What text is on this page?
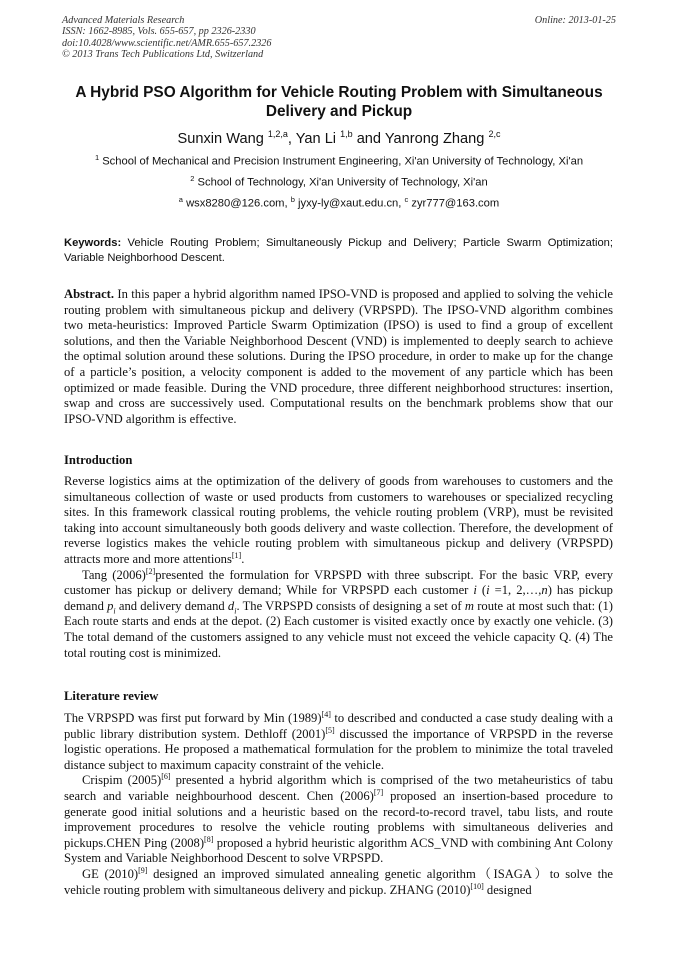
Advanced Materials Research
ISSN: 1662-8985, Vols. 655-657, pp 2326-2330
doi:10.4028/www.scientific.net/AMR.655-657.2326
© 2013 Trans Tech Publications Ltd, Switzerland
Online: 2013-01-25
A Hybrid PSO Algorithm for Vehicle Routing Problem with Simultaneous
Delivery and Pickup
Sunxin Wang $^{1,2,a}$, Yan Li $^{1,b}$ and Yanrong Zhang $^{2,c}$
$^1$ School of Mechanical and Precision Instrument Engineering, Xi'an University of Technology, Xi'an
$^2$ School of Technology, Xi'an University of Technology, Xi'an
$^a$ wsx8280@126.com, $^b$ jyxy-ly@xaut.edu.cn, $^c$ zyr777@163.com
Keywords: Vehicle Routing Problem; Simultaneously Pickup and Delivery; Particle Swarm Optimization; Variable Neighborhood Descent.

Abstract. In this paper a hybrid algorithm named IPSO-VND is proposed and applied to solving the vehicle routing problem with simultaneous pickup and delivery (VRPSPD). The IPSO-VND algorithm combines two meta-heuristics: Improved Particle Swarm Optimization (IPSO) is used to find a group of excellent solutions, and then the Variable Neighborhood Descent (VND) is implemented to deeply search to achieve the optimal solution around these solutions. During the IPSO procedure, in order to make up for the change of a particle’s position, a velocity component is added to the movement of any particle which has been optimized or made feasible. During the VND procedure, three different neighborhood structures: insertion, swap and cross are successively used. Computational results on the benchmark problems show that our IPSO-VND algorithm is effective.

Introduction

Reverse logistics aims at the optimization of the delivery of goods from warehouses to customers and the simultaneous collection of waste or used products from customers to warehouses or specialized recycling sites. In this framework classical routing problems, the vehicle routing problem (VRP), must be revisited taking into account simultaneously both goods delivery and waste collection. Therefore, the development of reverse logistics makes the vehicle routing problem with simultaneous pickup and delivery (VRPSPD) attracts more and more attentions[1].

Tang (2006)[2]presented the formulation for VRPSPD with three subscript. For the basic VRP, every customer has pickup or delivery demand; While for VRPSPD each customer i (i =1, 2,…,n) has pickup demand $p_i$ and delivery demand $d_i$. The VRPSPD consists of designing a set of m route at most such that: (1) Each route starts and ends at the depot. (2) Each customer is visited exactly once by exactly one vehicle. (3) The total demand of the customers assigned to any vehicle must not exceed the vehicle capacity Q. (4) The total routing cost is minimized.

Literature review

The VRPSPD was first put forward by Min (1989)[4] to described and conducted a case study dealing with a public library distribution system. Dethloff (2001)[5] discussed the importance of VRPSPD in the reverse logistic operations. He proposed a mathematical formulation for the problem to minimize the total traveled distance subject to maximum capacity constraint of the vehicle.

Crispim (2005)[6] presented a hybrid algorithm which is comprised of the two metaheuristics of tabu search and variable neighbourhood descent. Chen (2006)[7] proposed an insertion-based procedure to generate good initial solutions and a heuristic based on the record-to-record travel, tabu lists, and route improvement procedures to resolve the vehicle routing problems with simultaneous deliveries and pickups.CHEN Ping (2008)[8] proposed a hybrid heuristic algorithm ACS_VND with combining Ant Colony System and Variable Neighborhood Descent to solve VRPSPD.

GE (2010)[9] designed an improved simulated annealing genetic algorithm（ISAGA）to solve the vehicle routing problem with simultaneous delivery and pickup. ZHANG (2010)[10] designed
